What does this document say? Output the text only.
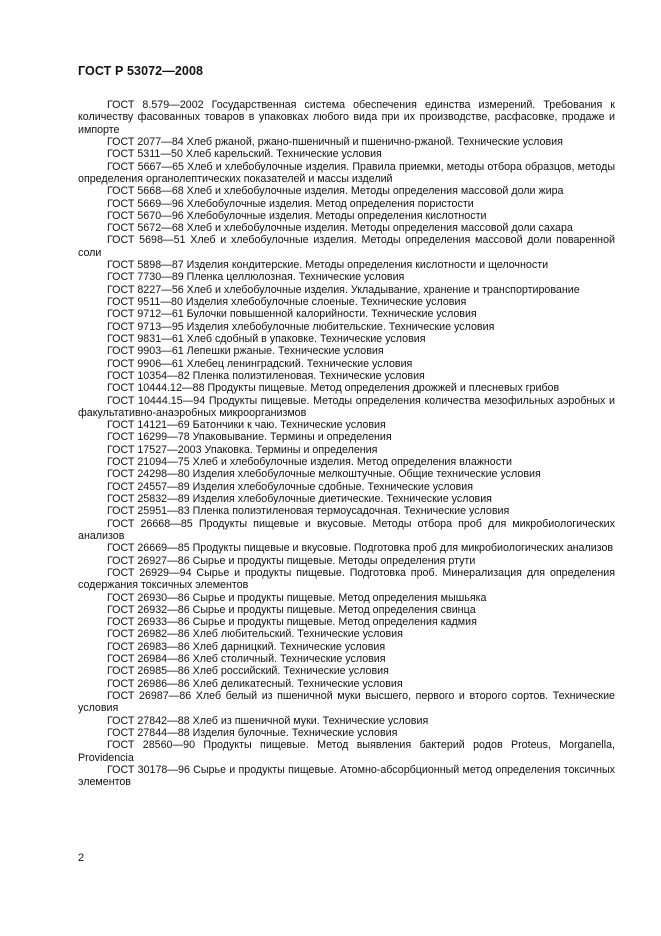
ГОСТ Р 53072—2008

ГОСТ 8.579—2002 Государственная система обеспечения единства измерений. Требования к количеству фасованных товаров в упаковках любого вида при их производстве, расфасовке, продаже и импорте

ГОСТ 2077—84 Хлеб ржаной, ржано-пшеничный и пшенично-ржаной. Технические условия

ГОСТ 5311—50 Хлеб карельский. Технические условия

ГОСТ 5667—65 Хлеб и хлебобулочные изделия. Правила приемки, методы отбора образцов, методы определения органолептических показателей и массы изделий

ГОСТ 5668—68 Хлеб и хлебобулочные изделия. Методы определения массовой доли жира

ГОСТ 5669—96 Хлебобулочные изделия. Метод определения пористости

ГОСТ 5670—96 Хлебобулочные изделия. Методы определения кислотности

ГОСТ 5672—68 Хлеб и хлебобулочные изделия. Методы определения массовой доли сахара

ГОСТ 5698—51 Хлеб и хлебобулочные изделия. Методы определения массовой доли поваренной соли

ГОСТ 5898—87 Изделия кондитерские. Методы определения кислотности и щелочности

ГОСТ 7730—89 Пленка целлюлозная. Технические условия

ГОСТ 8227—56 Хлеб и хлебобулочные изделия. Укладывание, хранение и транспортирование

ГОСТ 9511—80 Изделия хлебобулочные слоеные. Технические условия

ГОСТ 9712—61 Булочки повышенной калорийности. Технические условия

ГОСТ 9713—95 Изделия хлебобулочные любительские. Технические условия

ГОСТ 9831—61 Хлеб сдобный в упаковке. Технические условия

ГОСТ 9903—61 Лепешки ржаные. Технические условия

ГОСТ 9906—61 Хлебец ленинградский. Технические условия

ГОСТ 10354—82 Пленка полиэтиленовая. Технические условия

ГОСТ 10444.12—88 Продукты пищевые. Метод определения дрожжей и плесневых грибов

ГОСТ 10444.15—94 Продукты пищевые. Методы определения количества мезофильных аэробных и факультативно-анаэробных микроорганизмов

ГОСТ 14121—69 Батончики к чаю. Технические условия

ГОСТ 16299—78 Упаковывание. Термины и определения

ГОСТ 17527—2003 Упаковка. Термины и определения

ГОСТ 21094—75 Хлеб и хлебобулочные изделия. Метод определения влажности

ГОСТ 24298—80 Изделия хлебобулочные мелкоштучные. Общие технические условия

ГОСТ 24557—89 Изделия хлебобулочные сдобные. Технические условия

ГОСТ 25832—89 Изделия хлебобулочные диетические. Технические условия

ГОСТ 25951—83 Пленка полиэтиленовая термоусадочная. Технические условия

ГОСТ 26668—85 Продукты пищевые и вкусовые. Методы отбора проб для микробиологических анализов

ГОСТ 26669—85 Продукты пищевые и вкусовые. Подготовка проб для микробиологических анализов

ГОСТ 26927—86 Сырье и продукты пищевые. Методы определения ртути

ГОСТ 26929—94 Сырье и продукты пищевые. Подготовка проб. Минерализация для определения содержания токсичных элементов

ГОСТ 26930—86 Сырье и продукты пищевые. Метод определения мышьяка

ГОСТ 26932—86 Сырье и продукты пищевые. Метод определения свинца

ГОСТ 26933—86 Сырье и продукты пищевые. Метод определения кадмия

ГОСТ 26982—86 Хлеб любительский. Технические условия

ГОСТ 26983—86 Хлеб дарницкий. Технические условия

ГОСТ 26984—86 Хлеб столичный. Технические условия

ГОСТ 26985—86 Хлеб российский. Технические условия

ГОСТ 26986—86 Хлеб деликатесный. Технические условия

ГОСТ 26987—86 Хлеб белый из пшеничной муки высшего, первого и второго сортов. Технические условия

ГОСТ 27842—88 Хлеб из пшеничной муки. Технические условия

ГОСТ 27844—88 Изделия булочные. Технические условия

ГОСТ 28560—90 Продукты пищевые. Метод выявления бактерий родов Proteus, Morganella, Providencia

ГОСТ 30178—96 Сырье и продукты пищевые. Атомно-абсорбционный метод определения токсичных элементов

2
